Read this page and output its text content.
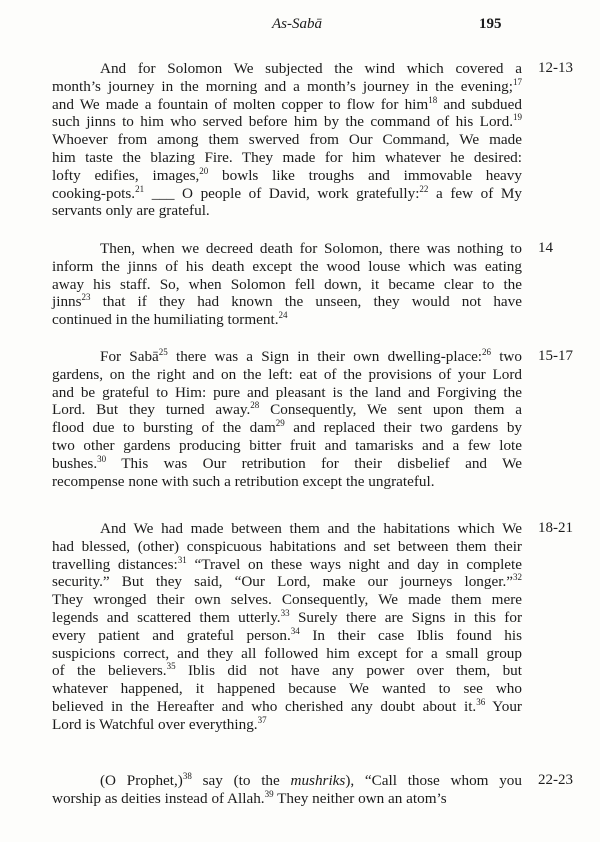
As-Sabā	195
And for Solomon We subjected the wind which covered a
month’s journey in the morning and a month’s journey in the evening;$^{17}$
and We made a fountain of molten copper to flow for him$^{18}$ and subdued
such jinns to him who served before him by the command of his Lord.$^{19}$
Whoever from among them swerved from Our Command, We made
him taste the blazing Fire. They made for him whatever he desired:
lofty edifies, images,$^{20}$ bowls like troughs and immovable heavy
cooking-pots.$^{21}$ ___ O people of David, work gratefully:$^{22}$ a few of My
servants only are grateful.
12-13
Then, when we decreed death for Solomon, there was nothing to
inform the jinns of his death except the wood louse which was eating
away his staff. So, when Solomon fell down, it became clear to the
jinns$^{23}$ that if they had known the unseen, they would not have
continued in the humiliating torment.$^{24}$
14
For Sabā$^{25}$ there was a Sign in their own dwelling-place:$^{26}$ two
gardens, on the right and on the left: eat of the provisions of your Lord
and be grateful to Him: pure and pleasant is the land and Forgiving the
Lord. But they turned away.$^{28}$ Consequently, We sent upon them a
flood due to bursting of the dam$^{29}$ and replaced their two gardens by
two other gardens producing bitter fruit and tamarisks and a few lote
bushes.$^{30}$ This was Our retribution for their disbelief and We
recompense none with such a retribution except the ungrateful.
15-17
And We had made between them and the habitations which We
had blessed, (other) conspicuous habitations and set between them their
travelling distances:$^{31}$ “Travel on these ways night and day in complete
security.” But they said, “Our Lord, make our journeys longer.”$^{32}$
They wronged their own selves. Consequently, We made them mere
legends and scattered them utterly.$^{33}$ Surely there are Signs in this for
every patient and grateful person.$^{34}$ In their case Iblis found his
suspicions correct, and they all followed him except for a small group
of the believers.$^{35}$ Iblis did not have any power over them, but
whatever happened, it happened because We wanted to see who
believed in the Hereafter and who cherished any doubt about it.$^{36}$ Your
Lord is Watchful over everything.$^{37}$
18-21
(O Prophet,)$^{38}$ say (to the mushriks), “Call those whom you
worship as deities instead of Allah.$^{39}$ They neither own an atom’s
22-23
